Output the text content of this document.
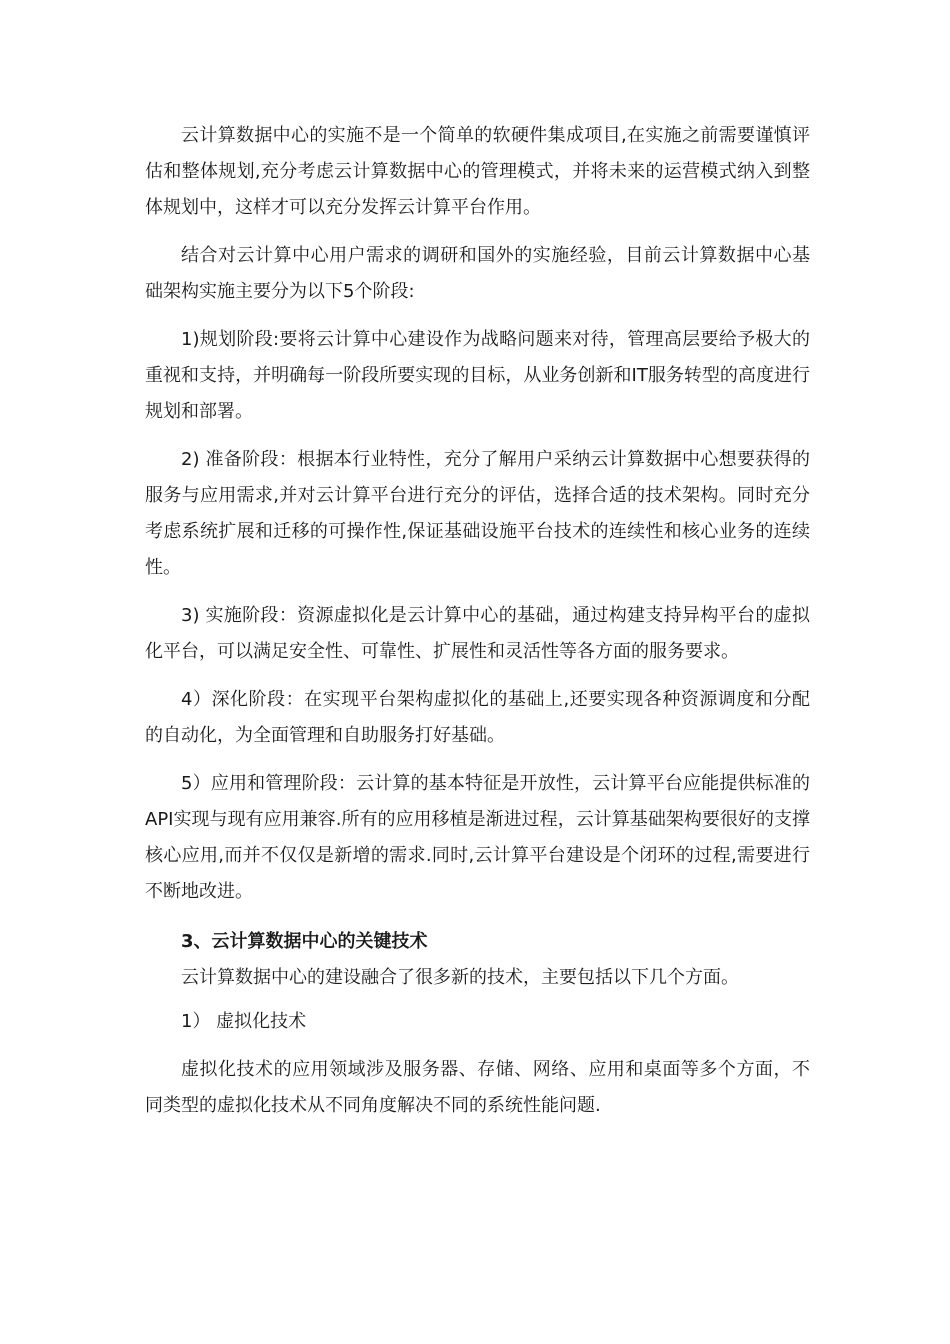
云计算数据中心的实施不是一个简单的软硬件集成项目,在实施之前需要谨慎评估和整体规划,充分考虑云计算数据中心的管理模式，并将未来的运营模式纳入到整体规划中，这样才可以充分发挥云计算平台作用。

结合对云计算中心用户需求的调研和国外的实施经验，目前云计算数据中心基础架构实施主要分为以下5个阶段:

1)规划阶段:要将云计算中心建设作为战略问题来对待，管理高层要给予极大的重视和支持，并明确每一阶段所要实现的目标，从业务创新和IT服务转型的高度进行规划和部署。

2) 准备阶段：根据本行业特性，充分了解用户采纳云计算数据中心想要获得的服务与应用需求,并对云计算平台进行充分的评估，选择合适的技术架构。同时充分考虑系统扩展和迁移的可操作性,保证基础设施平台技术的连续性和核心业务的连续性。

3) 实施阶段：资源虚拟化是云计算中心的基础，通过构建支持异构平台的虚拟化平台，可以满足安全性、可靠性、扩展性和灵活性等各方面的服务要求。

4）深化阶段：在实现平台架构虚拟化的基础上,还要实现各种资源调度和分配的自动化，为全面管理和自助服务打好基础。

5）应用和管理阶段：云计算的基本特征是开放性，云计算平台应能提供标准的API实现与现有应用兼容.所有的应用移植是渐进过程，云计算基础架构要很好的支撑核心应用,而并不仅仅是新增的需求.同时,云计算平台建设是个闭环的过程,需要进行不断地改进。

3、云计算数据中心的关键技术

云计算数据中心的建设融合了很多新的技术，主要包括以下几个方面。

1） 虚拟化技术

虚拟化技术的应用领域涉及服务器、存储、网络、应用和桌面等多个方面，不同类型的虚拟化技术从不同角度解决不同的系统性能问题.
